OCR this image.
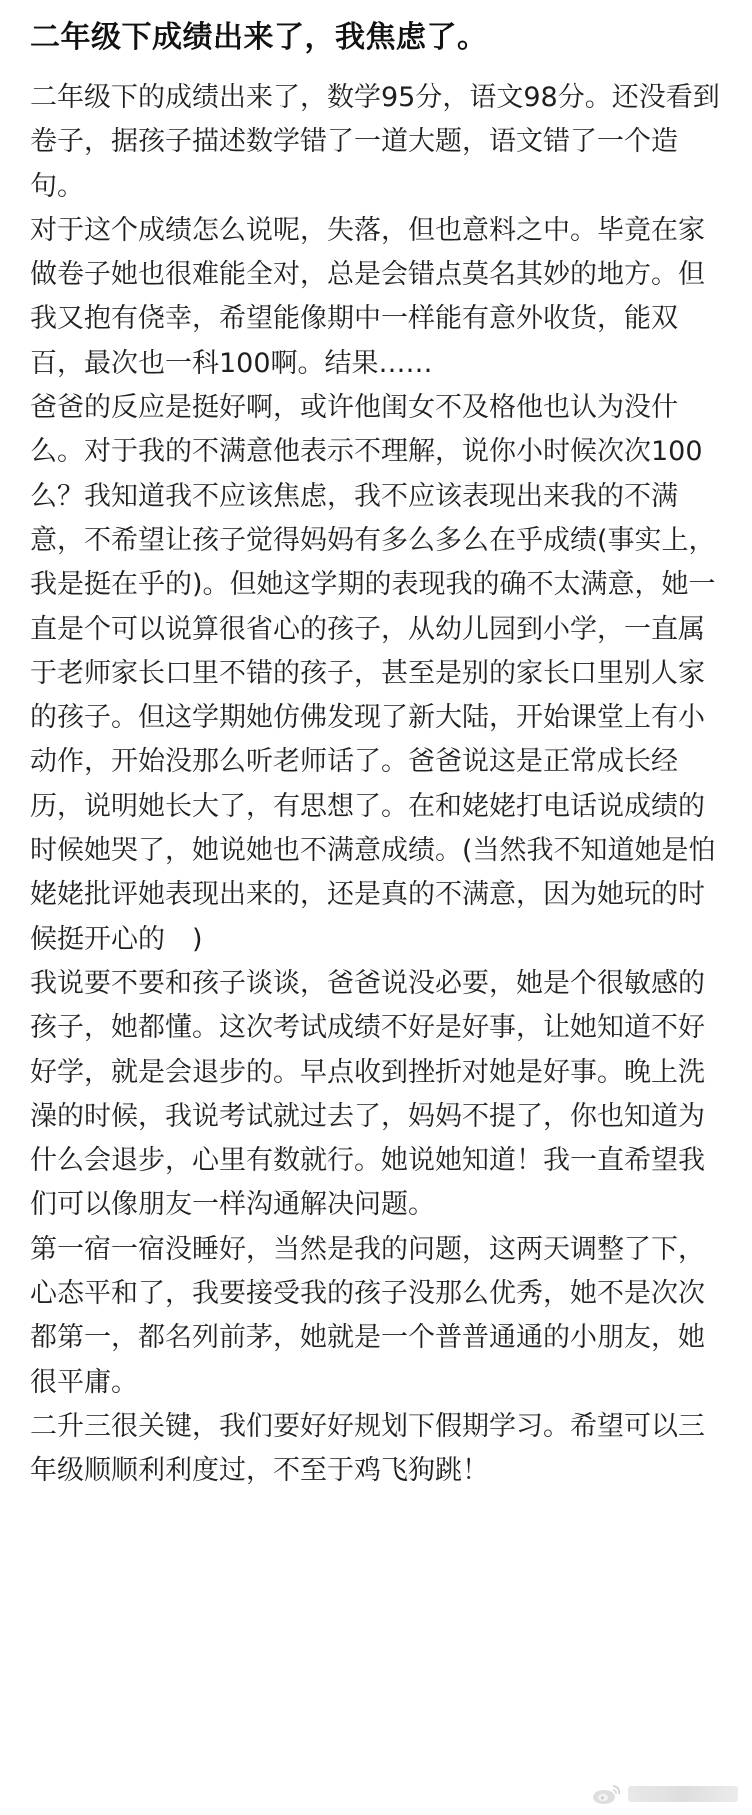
二年级下成绩出来了，我焦虑了。

二年级下的成绩出来了，数学95分，语文98分。还没看到卷子，据孩子描述数学错了一道大题，语文错了一个造句。

对于这个成绩怎么说呢，失落，但也意料之中。毕竟在家做卷子她也很难能全对，总是会错点莫名其妙的地方。但我又抱有侥幸，希望能像期中一样能有意外收货，能双百，最次也一科100啊。结果……

爸爸的反应是挺好啊，或许他闺女不及格他也认为没什么。对于我的不满意他表示不理解，说你小时候次次100么？我知道我不应该焦虑，我不应该表现出来我的不满意，不希望让孩子觉得妈妈有多么多么在乎成绩(事实上，我是挺在乎的)。但她这学期的表现我的确不太满意，她一直是个可以说算很省心的孩子，从幼儿园到小学，一直属于老师家长口里不错的孩子，甚至是别的家长口里别人家的孩子。但这学期她仿佛发现了新大陆，开始课堂上有小动作，开始没那么听老师话了。爸爸说这是正常成长经历，说明她长大了，有思想了。在和姥姥打电话说成绩的时候她哭了，她说她也不满意成绩。(当然我不知道她是怕姥姥批评她表现出来的，还是真的不满意，因为她玩的时候挺开心的　)

我说要不要和孩子谈谈，爸爸说没必要，她是个很敏感的孩子，她都懂。这次考试成绩不好是好事，让她知道不好好学，就是会退步的。早点收到挫折对她是好事。晚上洗澡的时候，我说考试就过去了，妈妈不提了，你也知道为什么会退步，心里有数就行。她说她知道！我一直希望我们可以像朋友一样沟通解决问题。

第一宿一宿没睡好，当然是我的问题，这两天调整了下，心态平和了，我要接受我的孩子没那么优秀，她不是次次都第一，都名列前茅，她就是一个普普通通的小朋友，她很平庸。

二升三很关键，我们要好好规划下假期学习。希望可以三年级顺顺利利度过，不至于鸡飞狗跳！
